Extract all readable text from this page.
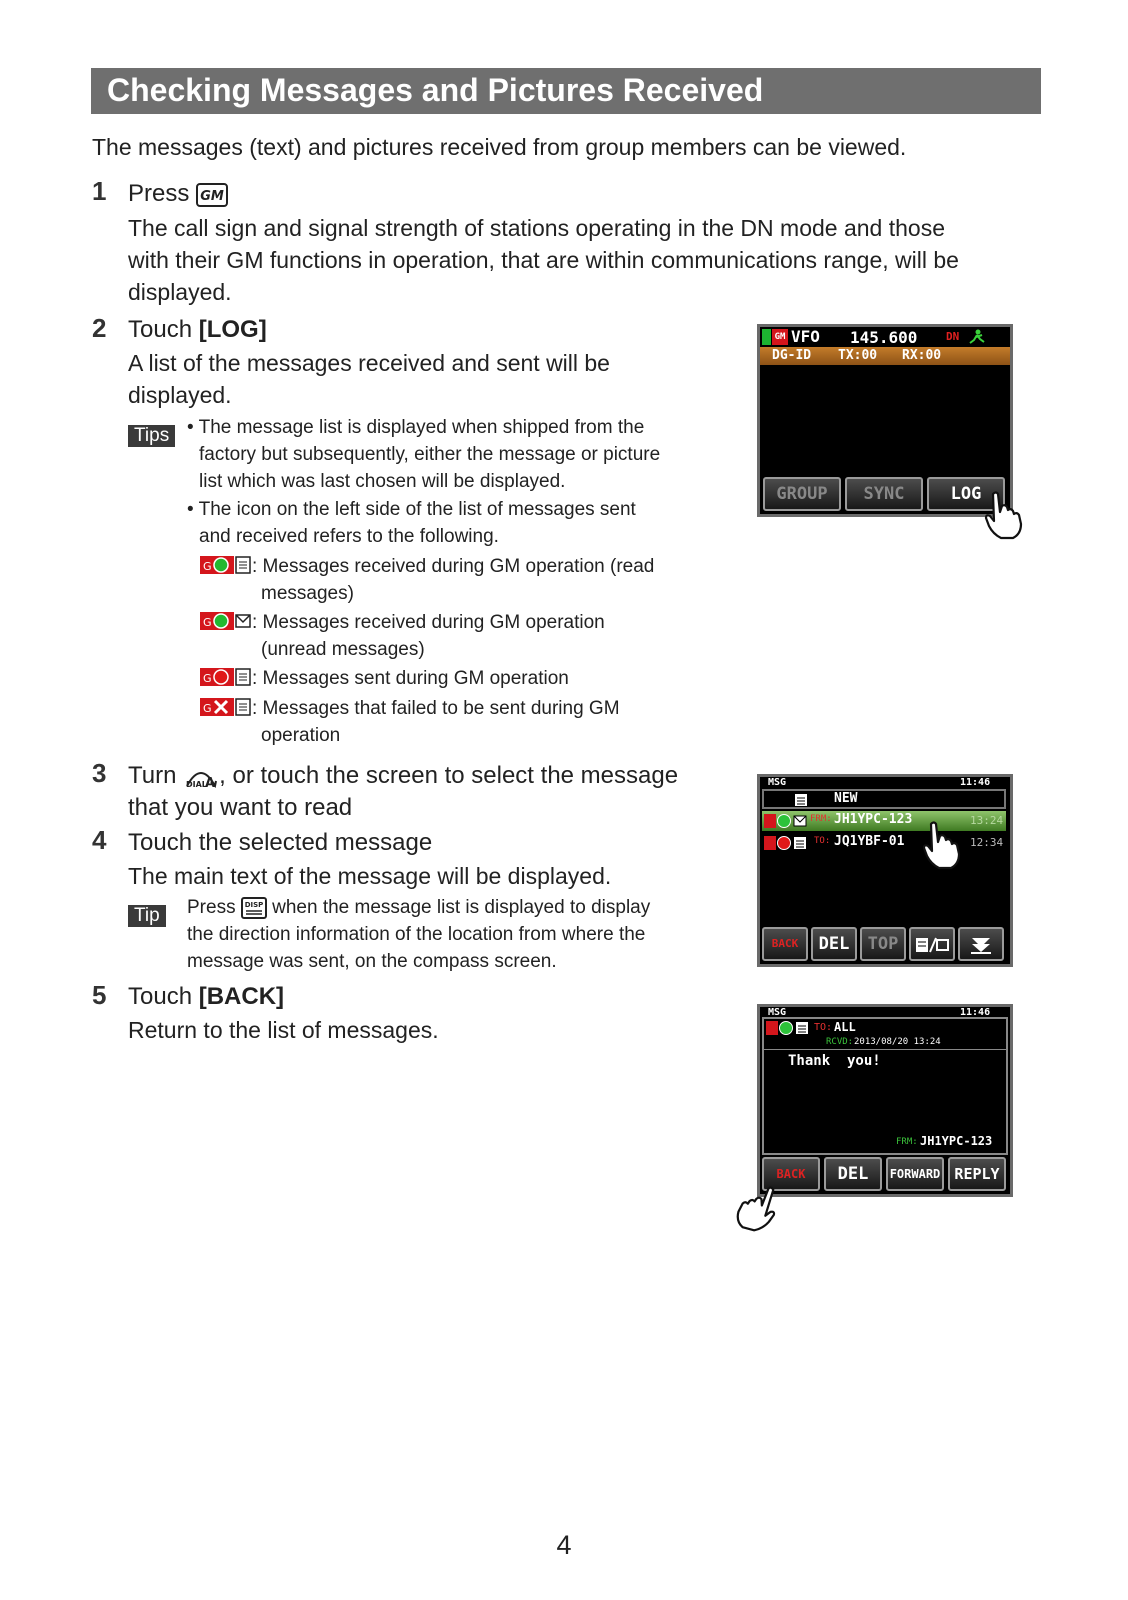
Checking Messages and Pictures Received
The messages (text) and pictures received from group members can be viewed.
1 Press GM
The call sign and signal strength of stations operating in the DN mode and those
with their GM functions in operation, that are within communications range, will be
displayed.
2 Touch [LOG]
A list of the messages received and sent will be
displayed.
Tips • The message list is displayed when shipped from the
factory but subsequently, either the message or picture
list which was last chosen will be displayed.
• The icon on the left side of the list of messages sent
and received refers to the following.
G : Messages received during GM operation (read
messages)
G : Messages received during GM operation
(unread messages)
G : Messages sent during GM operation
G : Messages that failed to be sent during GM
operation
3 Turn DIAL
A , or touch the screen to select the message
that you want to read
4 Touch the selected message
The main text of the message will be displayed.
Tip	Press DISP when the message list is displayed to display
the direction information of the location from where the
message was sent, on the compass screen.
5 Touch [BACK]
Return to the list of messages.
GM VFO 145.600	DN
DG-ID TX:00 RX:00
GROUP	SYNC	LOG
MSG	11:46
NEW
FRM: JH1YPC-123	13:24
TO: JQ1YBF-01	12:34
BACK	DEL	TOP
MSG	11:46
TO: ALL
RCVD: 2013/08/20 13:24
Thank  you!
FRM: JH1YPC-123
BACK	DEL	FORWARD REPLY
4
